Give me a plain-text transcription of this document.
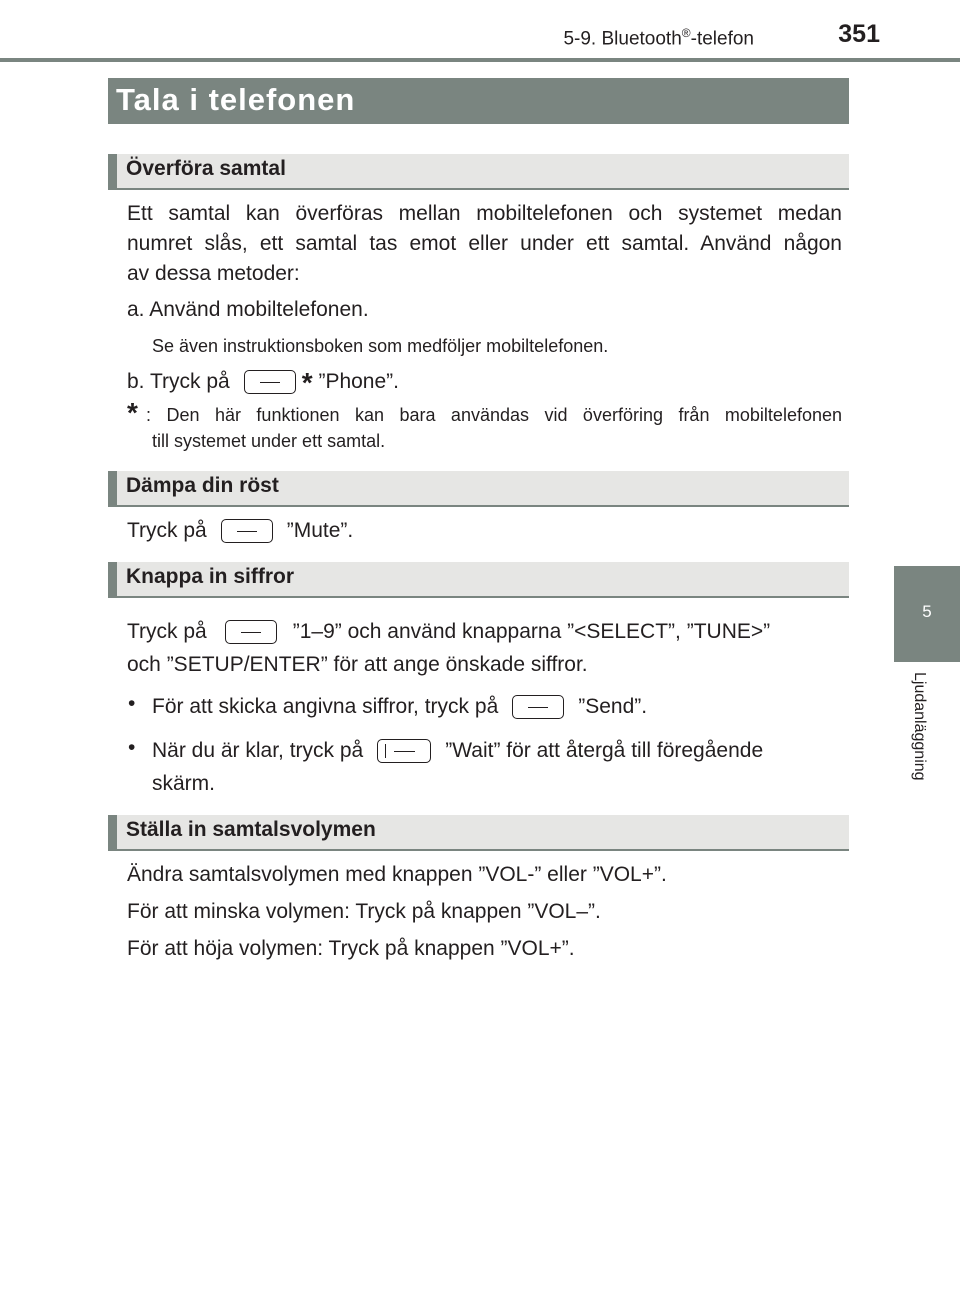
5-9. Bluetooth®-telefon	351
5
Ljudanläggning
Tala i telefonen
Överföra samtal
Ett samtal kan överföras mellan mobiltelefonen och systemet medan
numret slås, ett samtal tas emot eller under ett samtal. Använd någon
av dessa metoder:
a. Använd mobiltelefonen.
Se även instruktionsboken som medföljer mobiltelefonen.
b. Tryck på	* ”Phone”.
* : Den här funktionen kan bara användas vid överföring från mobiltelefonen
till systemet under ett samtal.
Dämpa din röst
Tryck på	”Mute”.
Knappa in siffror
Tryck på	”1–9” och använd knapparna ”<SELECT”, ”TUNE>”
och ”SETUP/ENTER” för att ange önskade siffror.
• För att skicka angivna siffror, tryck på	”Send”.
• När du är klar, tryck på	”Wait” för att återgå till föregående
skärm.
Ställa in samtalsvolymen
Ändra samtalsvolymen med knappen ”VOL-” eller ”VOL+”.
För att minska volymen: Tryck på knappen ”VOL–”.
För att höja volymen: Tryck på knappen ”VOL+”.
